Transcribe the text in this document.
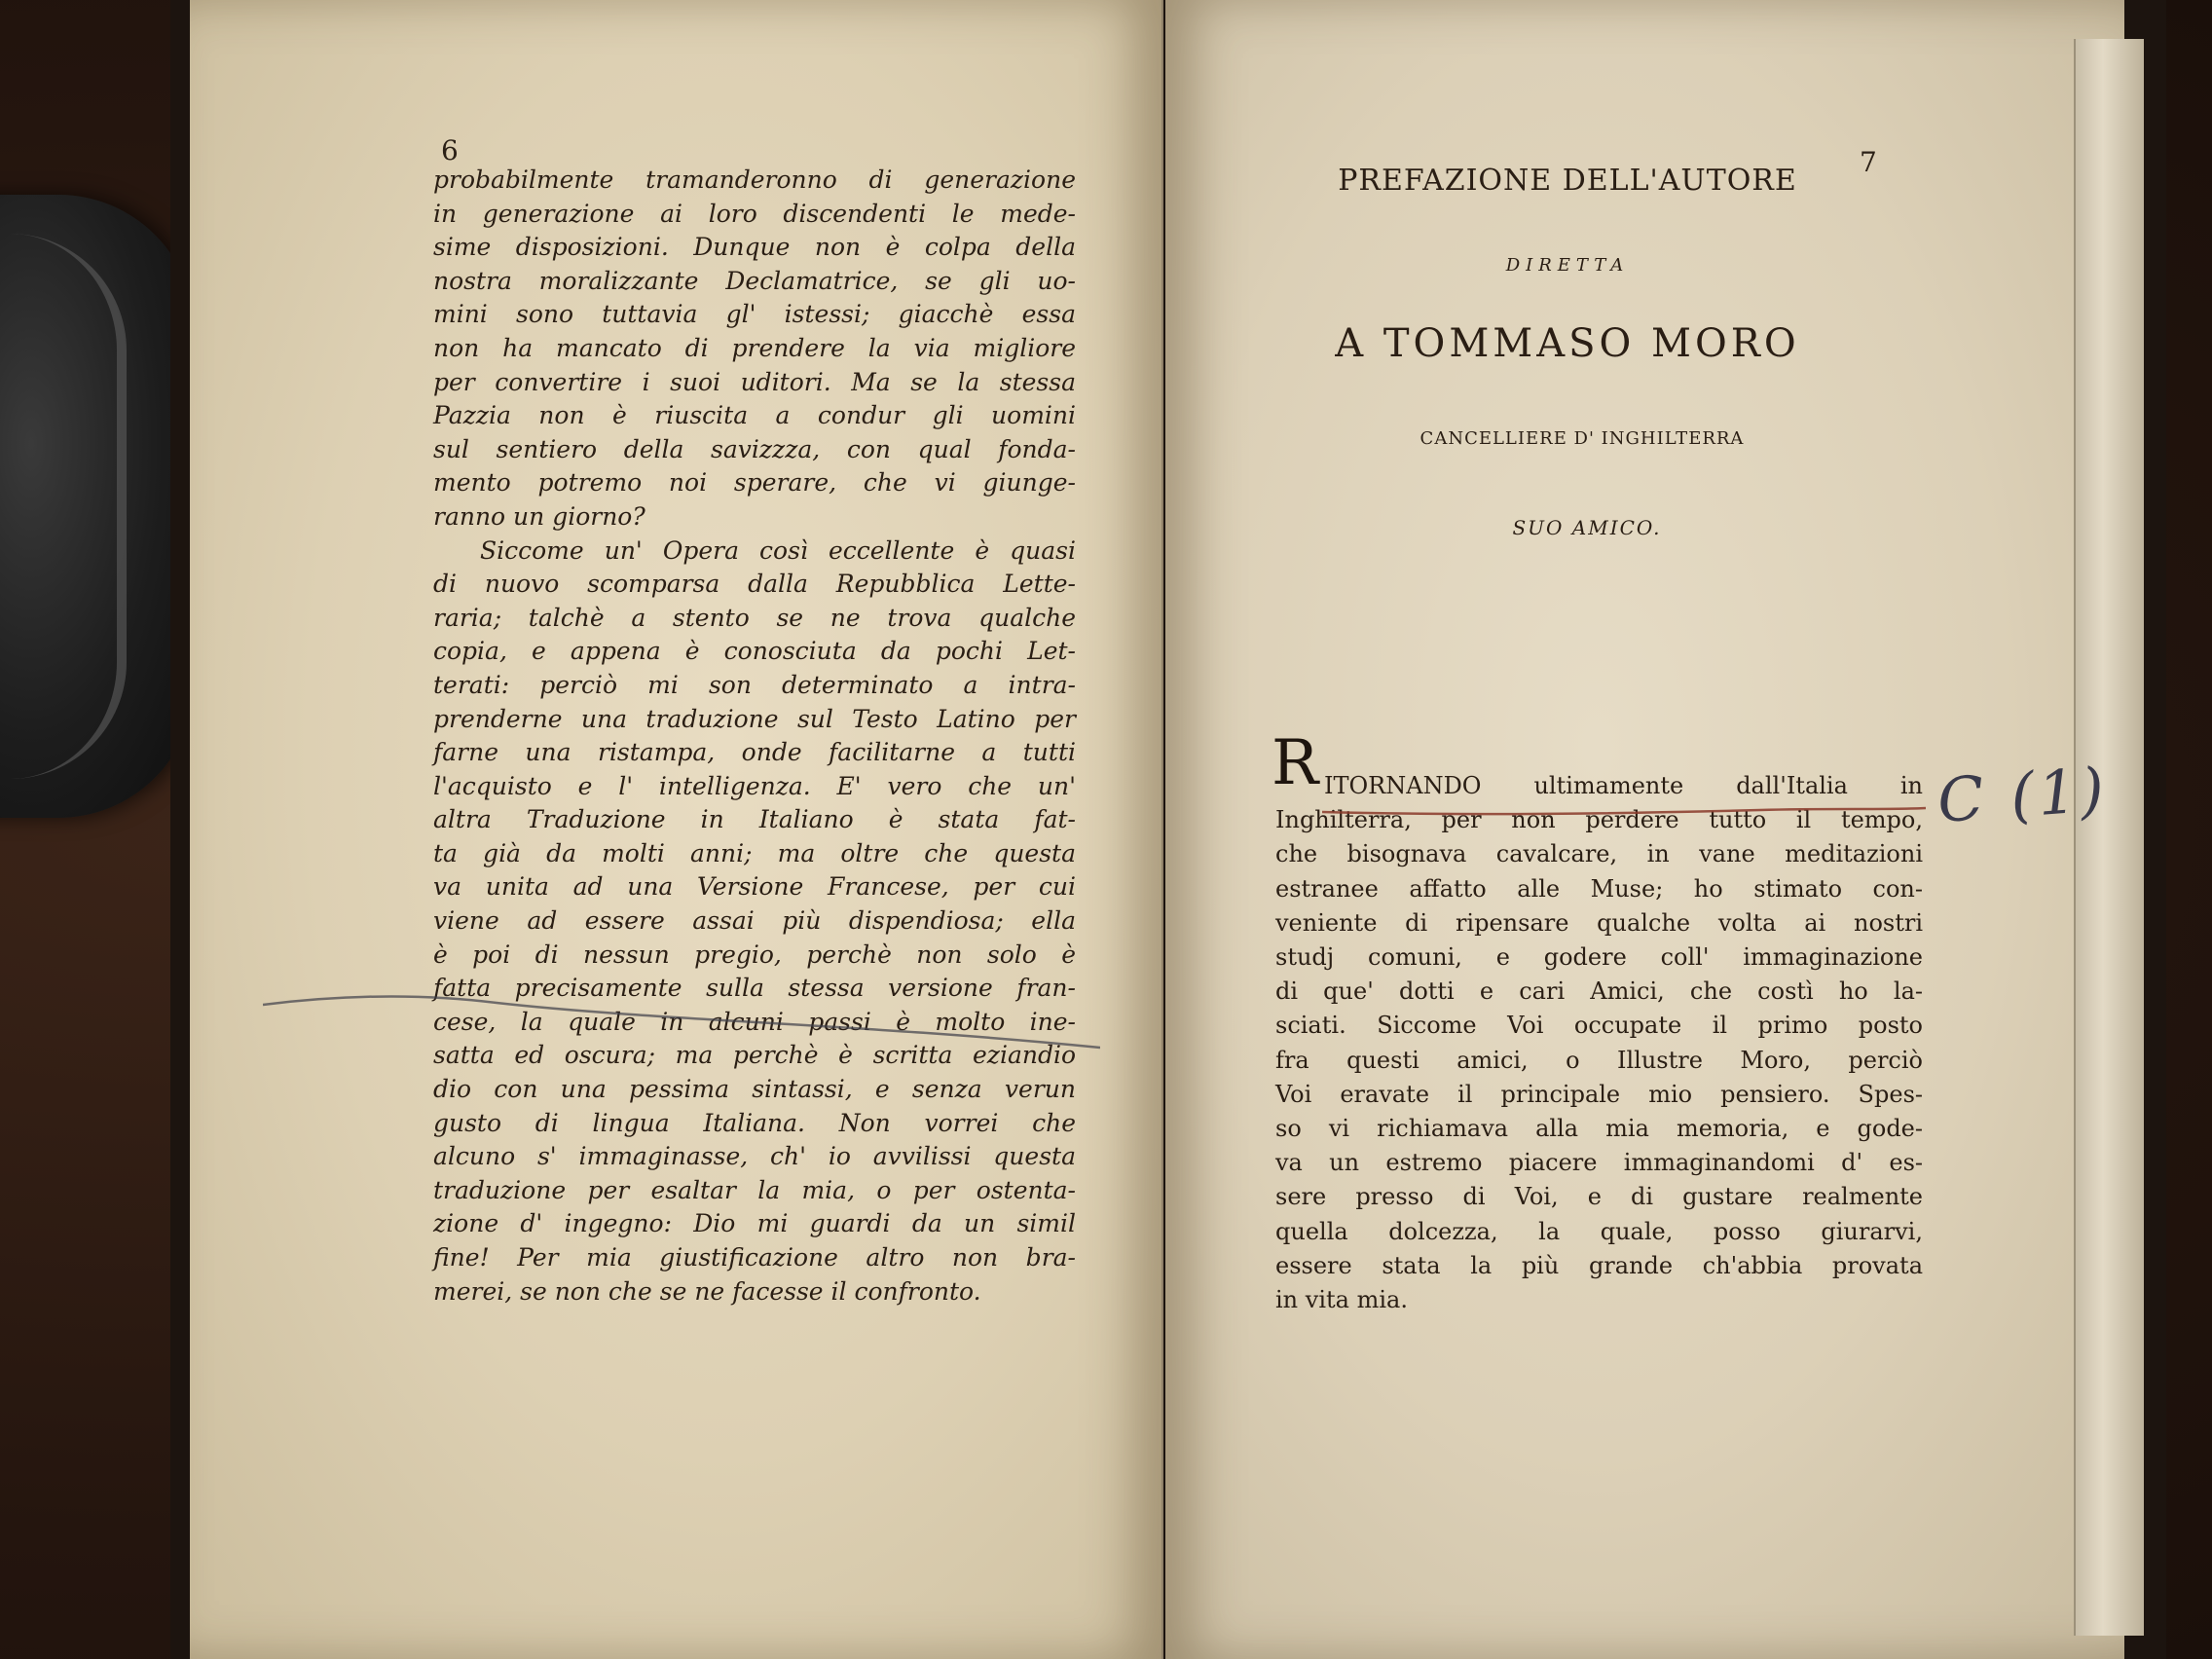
6
probabilmente tramanderonno di generazione
in generazione ai loro discendenti le mede-
sime disposizioni. Dunque non è colpa della
nostra moralizzante Declamatrice, se gli uo-
mini sono tuttavia gl' istessi; giacchè essa
non ha mancato di prendere la via migliore
per convertire i suoi uditori. Ma se la stessa
Pazzia non è riuscita a condur gli uomini
sul sentiero della savizzza, con qual fonda-
mento potremo noi sperare, che vi giunge-
ranno un giorno?
Siccome un' Opera così eccellente è quasi
di nuovo scomparsa dalla Repubblica Lette-
raria; talchè a stento se ne trova qualche
copia, e appena è conosciuta da pochi Let-
terati: perciò mi son determinato a intra-
prenderne una traduzione sul Testo Latino per
farne una ristampa, onde facilitarne a tutti
l'acquisto e l' intelligenza. E' vero che un'
altra Traduzione in Italiano è stata fat-
ta già da molti anni; ma oltre che questa
va unita ad una Versione Francese, per cui
viene ad essere assai più dispendiosa; ella
è poi di nessun pregio, perchè non solo è
fatta precisamente sulla stessa versione fran-
cese, la quale in alcuni passi è molto ine-
satta ed oscura; ma perchè è scritta eziandio
dio con una pessima sintassi, e senza verun
gusto di lingua Italiana. Non vorrei che
alcuno s' immaginasse, ch' io avvilissi questa
traduzione per esaltar la mia, o per ostenta-
zione d' ingegno: Dio mi guardi da un simil
fine! Per mia giustificazione altro non bra-
merei, se non che se ne facesse il confronto.
7
PREFAZIONE DELL'AUTORE
DIRETTA
A TOMMASO MORO
CANCELLIERE D' INGHILTERRA
SUO AMICO.
R ITORNANDO ultimamente dall'Italia in
Inghilterra, per non perdere tutto il tempo,
che bisognava cavalcare, in vane meditazioni
estranee affatto alle Muse; ho stimato con-
veniente di ripensare qualche volta ai nostri
studj comuni, e godere coll' immaginazione
di que' dotti e cari Amici, che costì ho la-
sciati. Siccome Voi occupate il primo posto
fra questi amici, o Illustre Moro, perciò
Voi eravate il principale mio pensiero. Spes-
so vi richiamava alla mia memoria, e gode-
va un estremo piacere immaginandomi d' es-
sere presso di Voi, e di gustare realmente
quella dolcezza, la quale, posso giurarvi,
essere stata la più grande ch'abbia provata
in vita mia.
C (1)
